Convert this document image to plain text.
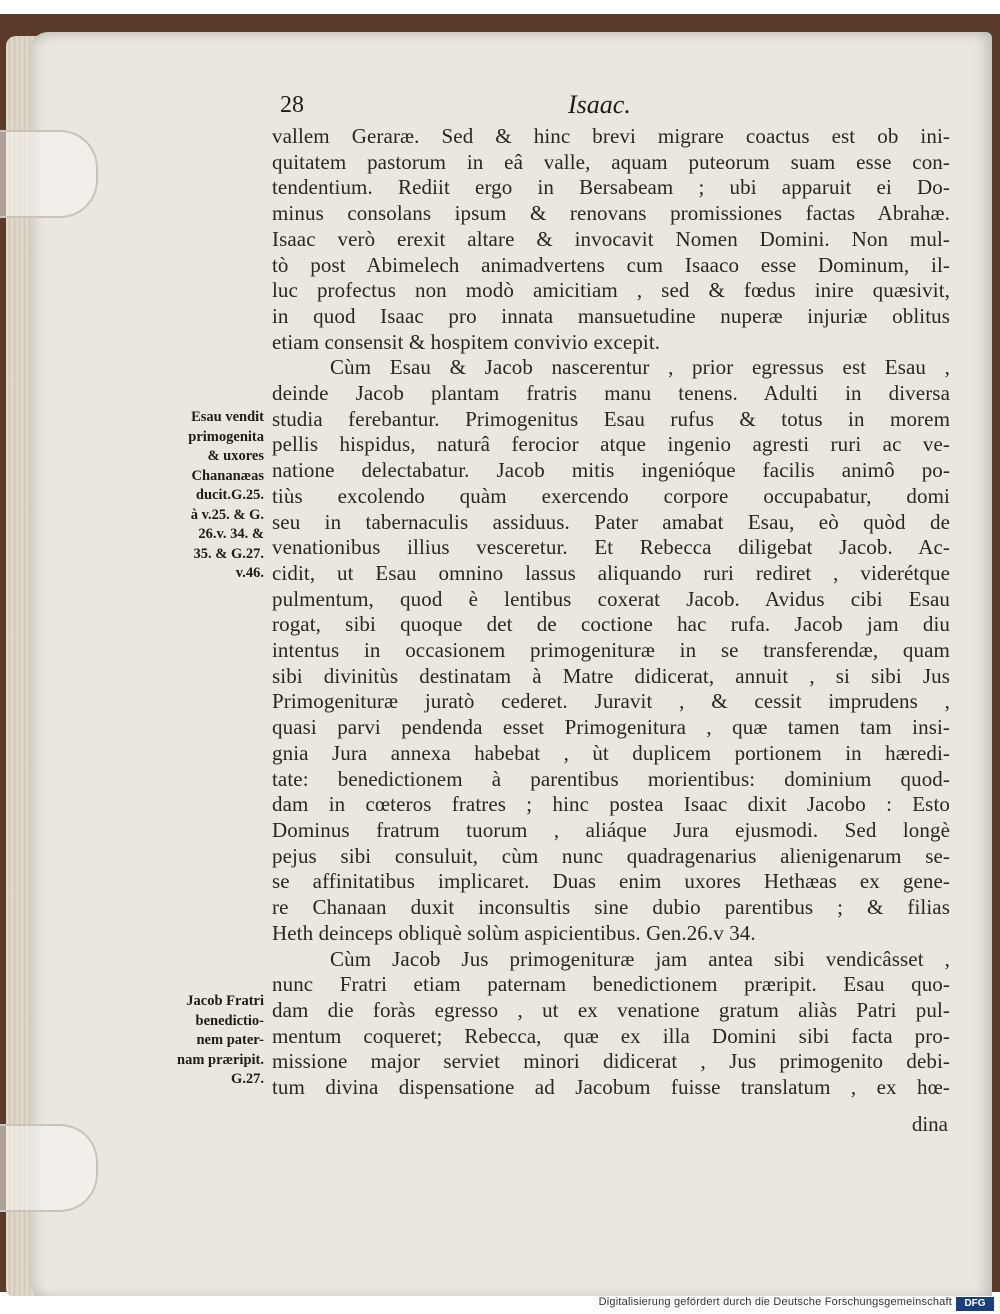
28	Isaac.
vallem Geraræ. Sed & hinc brevi migrare coactus est ob ini-
quitatem pastorum in eâ valle, aquam puteorum suam esse con-
tendentium. Rediit ergo in Bersabeam ; ubi apparuit ei Do-
minus consolans ipsum & renovans promissiones factas Abrahæ.
Isaac verò erexit altare & invocavit Nomen Domini. Non mul-
tò post Abimelech animadvertens cum Isaaco esse Dominum, il-
luc profectus non modò amicitiam , sed & fœdus inire quæsivit,
in quod Isaac pro innata mansuetudine nuperæ injuriæ oblitus
etiam consensit & hospitem convivio excepit.
Cùm Esau & Jacob nascerentur , prior egressus est Esau ,
deinde Jacob plantam fratris manu tenens. Adulti in diversa
studia ferebantur. Primogenitus Esau rufus & totus in morem
pellis hispidus, naturâ ferocior atque ingenio agresti ruri ac ve-
natione delectabatur. Jacob mitis ingenióque facilis animô po-
tiùs excolendo quàm exercendo corpore occupabatur, domi
seu in tabernaculis assiduus. Pater amabat Esau, eò quòd de
venationibus illius vesceretur. Et Rebecca diligebat Jacob. Ac-
cidit, ut Esau omnino lassus aliquando ruri rediret , viderétque
pulmentum, quod è lentibus coxerat Jacob. Avidus cibi Esau
rogat, sibi quoque det de coctione hac rufa. Jacob jam diu
intentus in occasionem primogenituræ in se transferendæ, quam
sibi divinitùs destinatam à Matre didicerat, annuit , si sibi Jus
Primogenituræ juratò cederet. Juravit , & cessit imprudens ,
quasi parvi pendenda esset Primogenitura , quæ tamen tam insi-
gnia Jura annexa habebat , ùt duplicem portionem in hæredi-
tate: benedictionem à parentibus morientibus: dominium quod-
dam in cœteros fratres ; hinc postea Isaac dixit Jacobo : Esto
Dominus fratrum tuorum , aliáque Jura ejusmodi. Sed longè
pejus sibi consuluit, cùm nunc quadragenarius alienigenarum se-
se affinitatibus implicaret. Duas enim uxores Hethæas ex gene-
re Chanaan duxit inconsultis sine dubio parentibus ; & filias
Heth deinceps obliquè solùm aspicientibus. Gen.26.v 34.
Cùm Jacob Jus primogenituræ jam antea sibi vendicâsset ,
nunc Fratri etiam paternam benedictionem præripit. Esau quo-
dam die foràs egresso , ut ex venatione gratum aliàs Patri pul-
mentum coqueret; Rebecca, quæ ex illa Domini sibi facta pro-
missione major serviet minori didicerat , Jus primogenito debi-
tum divina dispensatione ad Jacobum fuisse translatum , ex hœ-
dina
Esau vendit
primogenita
& uxores
Chananæas
ducit.G.25.
à v.25. & G.
26.v. 34. &
35. & G.27.
v.46.
Jacob Fratri
benedictio-
nem pater-
nam præripit.
G.27.
Digitalisierung gefördert durch die Deutsche Forschungsgemeinschaft	DFG
